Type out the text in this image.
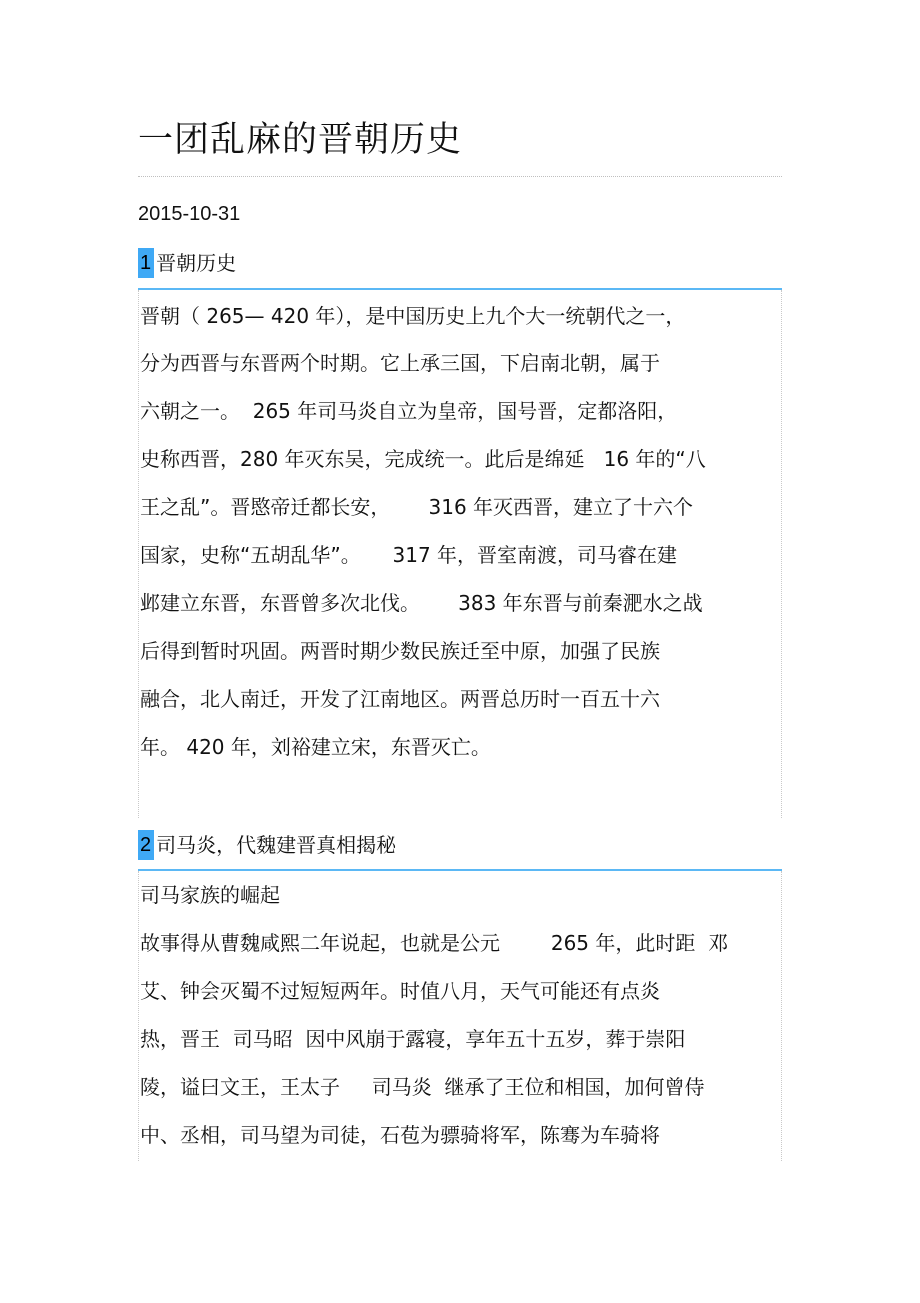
一团乱麻的晋朝历史
2015-10-31
1 晋朝历史
晋朝（ 265— 420 年），是中国历史上九个大一统朝代之一，
分为西晋与东晋两个时期。它上承三国，下启南北朝，属于
六朝之一。  265 年司马炎自立为皇帝，国号晋，定都洛阳，
史称西晋，280 年灭东吴，完成统一。此后是绵延   16 年的“八
王之乱”。晋愍帝迁都长安，      316 年灭西晋，建立了十六个
国家，史称“五胡乱华”。     317 年，晋室南渡，司马睿在建
邺建立东晋，东晋曾多次北伐。      383 年东晋与前秦淝水之战
后得到暂时巩固。两晋时期少数民族迁至中原，加强了民族
融合，北人南迁，开发了江南地区。两晋总历时一百五十六
年。 420 年，刘裕建立宋，东晋灭亡。
2 司马炎，代魏建晋真相揭秘
司马家族的崛起
故事得从曹魏咸熙二年说起，也就是公元        265 年，此时距  邓
艾、钟会灭蜀不过短短两年。时值八月，天气可能还有点炎
热，晋王  司马昭  因中风崩于露寝，享年五十五岁，葬于崇阳
陵，谥曰文王，王太子     司马炎  继承了王位和相国，加何曾侍
中、丞相，司马望为司徒，石苞为骠骑将军，陈骞为车骑将
